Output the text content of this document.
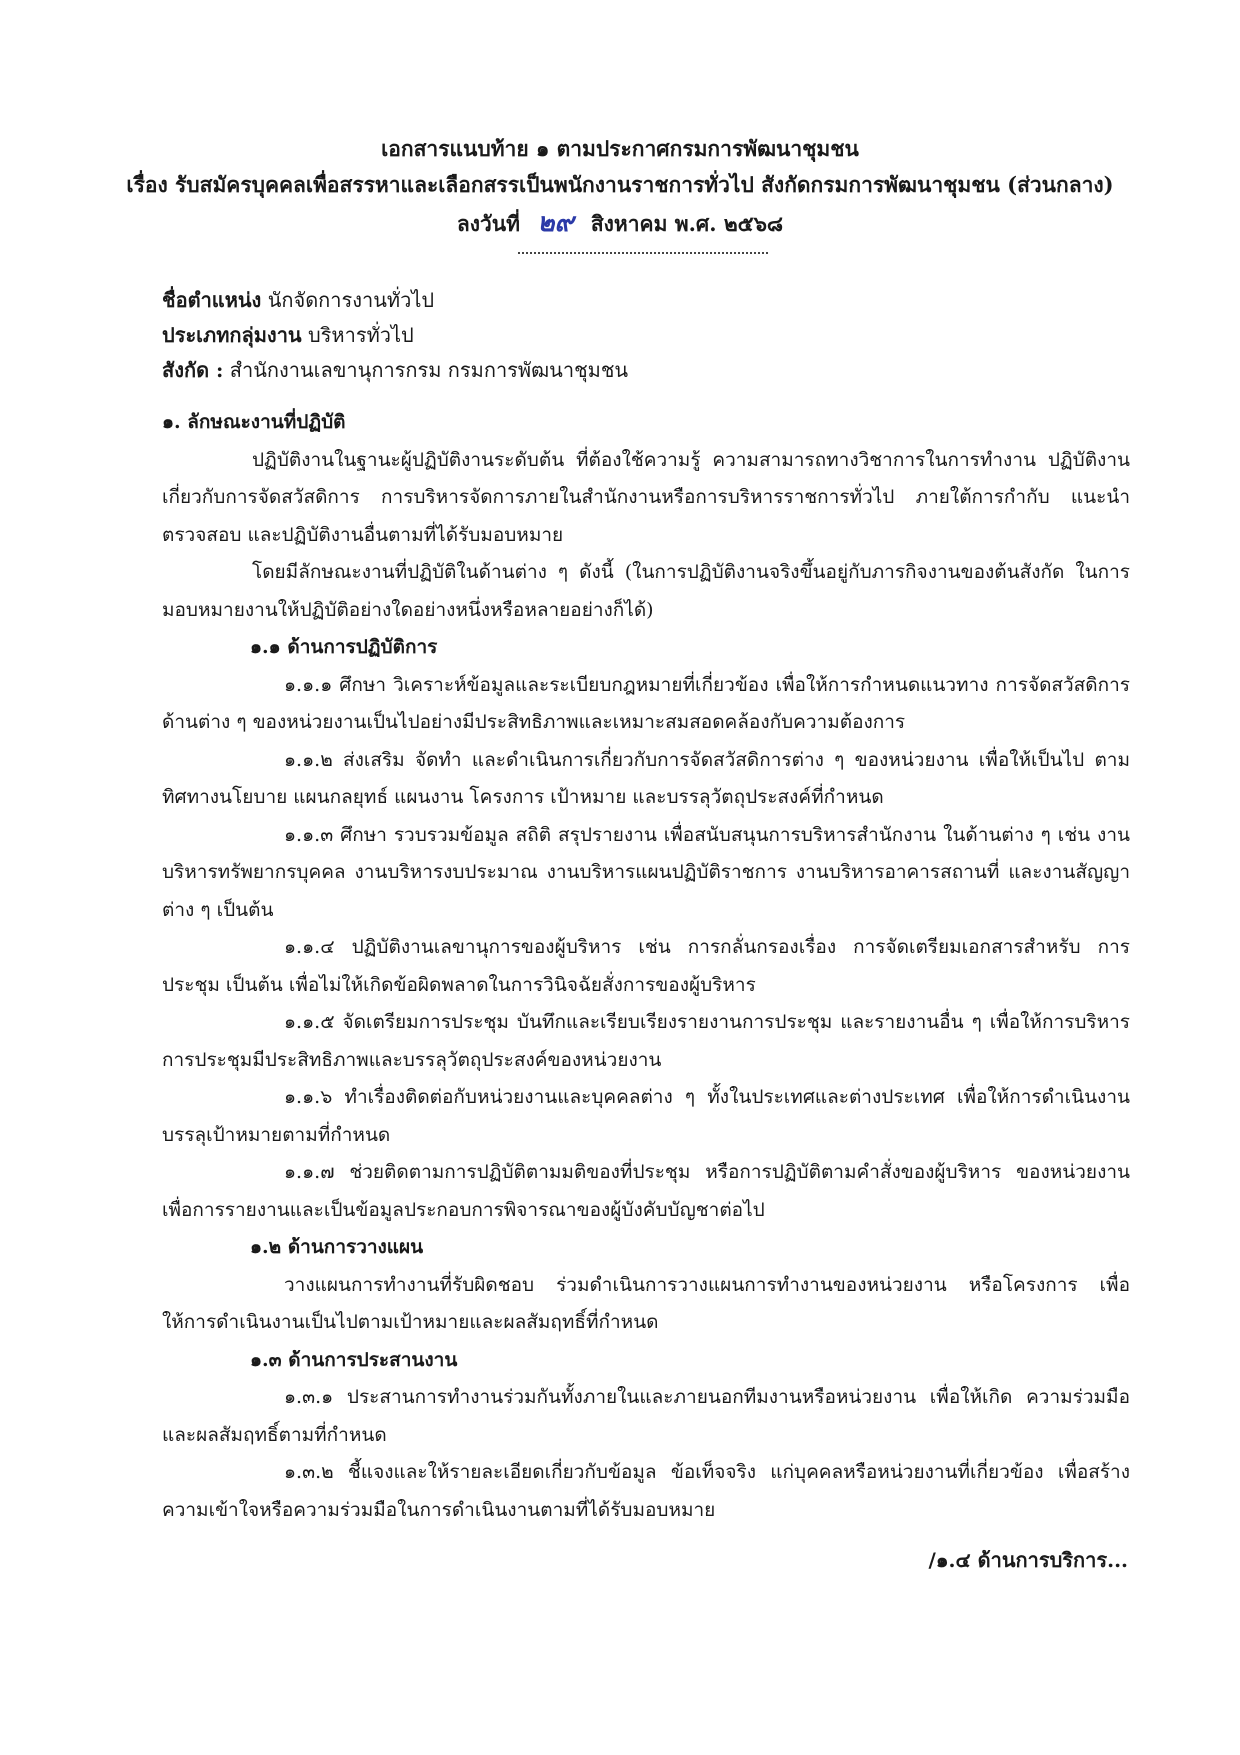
เอกสารแนบท้าย ๑ ตามประกาศกรมการพัฒนาชุมชน
เรื่อง รับสมัครบุคคลเพื่อสรรหาและเลือกสรรเป็นพนักงานราชการทั่วไป สังกัดกรมการพัฒนาชุมชน (ส่วนกลาง)
ลงวันที่ ๒๙ สิงหาคม พ.ศ. ๒๕๖๘
ชื่อตำแหน่ง นักจัดการงานทั่วไป
ประเภทกลุ่มงาน บริหารทั่วไป
สังกัด : สำนักงานเลขานุการกรม กรมการพัฒนาชุมชน

๑. ลักษณะงานที่ปฏิบัติ

ปฏิบัติงานในฐานะผู้ปฏิบัติงานระดับต้น ที่ต้องใช้ความรู้ ความสามารถทางวิชาการในการทำงาน ปฏิบัติงานเกี่ยวกับการจัดสวัสดิการ การบริหารจัดการภายในสำนักงานหรือการบริหารราชการทั่วไป ภายใต้การกำกับ แนะนำ ตรวจสอบ และปฏิบัติงานอื่นตามที่ได้รับมอบหมาย

โดยมีลักษณะงานที่ปฏิบัติในด้านต่าง ๆ ดังนี้ (ในการปฏิบัติงานจริงขึ้นอยู่กับภารกิจงานของต้นสังกัด ในการมอบหมายงานให้ปฏิบัติอย่างใดอย่างหนึ่งหรือหลายอย่างก็ได้)

๑.๑ ด้านการปฏิบัติการ

๑.๑.๑ ศึกษา วิเคราะห์ข้อมูลและระเบียบกฎหมายที่เกี่ยวข้อง เพื่อให้การกำหนดแนวทาง การจัดสวัสดิการด้านต่าง ๆ ของหน่วยงานเป็นไปอย่างมีประสิทธิภาพและเหมาะสมสอดคล้องกับความต้องการ

๑.๑.๒ ส่งเสริม จัดทำ และดำเนินการเกี่ยวกับการจัดสวัสดิการต่าง ๆ ของหน่วยงาน เพื่อให้เป็นไป ตามทิศทางนโยบาย แผนกลยุทธ์ แผนงาน โครงการ เป้าหมาย และบรรลุวัตถุประสงค์ที่กำหนด

๑.๑.๓ ศึกษา รวบรวมข้อมูล สถิติ สรุปรายงาน เพื่อสนับสนุนการบริหารสำนักงาน ในด้านต่าง ๆ เช่น งานบริหารทรัพยากรบุคคล งานบริหารงบประมาณ งานบริหารแผนปฏิบัติราชการ งานบริหารอาคารสถานที่ และงานสัญญาต่าง ๆ เป็นต้น

๑.๑.๔ ปฏิบัติงานเลขานุการของผู้บริหาร เช่น การกลั่นกรองเรื่อง การจัดเตรียมเอกสารสำหรับ การประชุม เป็นต้น เพื่อไม่ให้เกิดข้อผิดพลาดในการวินิจฉัยสั่งการของผู้บริหาร

๑.๑.๕ จัดเตรียมการประชุม บันทึกและเรียบเรียงรายงานการประชุม และรายงานอื่น ๆ เพื่อให้การบริหารการประชุมมีประสิทธิภาพและบรรลุวัตถุประสงค์ของหน่วยงาน

๑.๑.๖ ทำเรื่องติดต่อกับหน่วยงานและบุคคลต่าง ๆ ทั้งในประเทศและต่างประเทศ เพื่อให้การดำเนินงานบรรลุเป้าหมายตามที่กำหนด

๑.๑.๗ ช่วยติดตามการปฏิบัติตามมติของที่ประชุม หรือการปฏิบัติตามคำสั่งของผู้บริหาร ของหน่วยงาน เพื่อการรายงานและเป็นข้อมูลประกอบการพิจารณาของผู้บังคับบัญชาต่อไป

๑.๒ ด้านการวางแผน

วางแผนการทำงานที่รับผิดชอบ ร่วมดำเนินการวางแผนการทำงานของหน่วยงาน หรือโครงการ เพื่อให้การดำเนินงานเป็นไปตามเป้าหมายและผลสัมฤทธิ์ที่กำหนด

๑.๓ ด้านการประสานงาน

๑.๓.๑ ประสานการทำงานร่วมกันทั้งภายในและภายนอกทีมงานหรือหน่วยงาน เพื่อให้เกิด ความร่วมมือและผลสัมฤทธิ์ตามที่กำหนด

๑.๓.๒ ชี้แจงและให้รายละเอียดเกี่ยวกับข้อมูล ข้อเท็จจริง แก่บุคคลหรือหน่วยงานที่เกี่ยวข้อง เพื่อสร้างความเข้าใจหรือความร่วมมือในการดำเนินงานตามที่ได้รับมอบหมาย

/๑.๔ ด้านการบริการ...
